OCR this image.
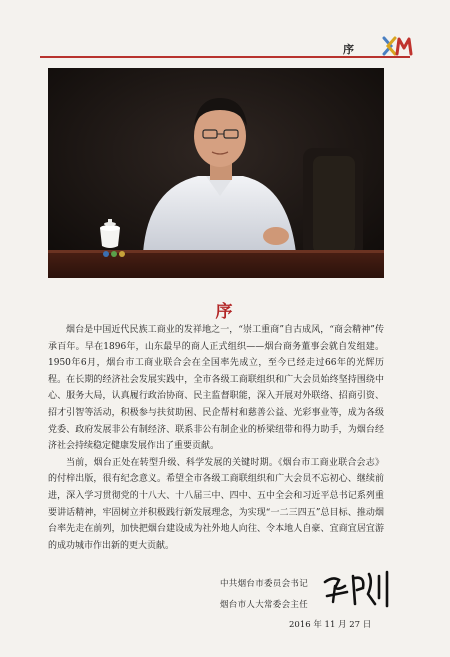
序
序

烟台是中国近代民族工商业的发祥地之一，“崇工重商”自古成风，“商会精神”传承百年。早在1896年，山东最早的商人正式组织——烟台商务董事会就自发组建。1950年6月，烟台市工商业联合会在全国率先成立，至今已经走过66年的光辉历程。在长期的经济社会发展实践中，全市各级工商联组织和广大会员始终坚持围绕中心、服务大局，认真履行政治协商、民主监督职能，深入开展对外联络、招商引资、招才引智等活动，积极参与扶贫助困、民企帮村和慈善公益、光彩事业等，成为各级党委、政府发展非公有制经济、联系非公有制企业的桥梁纽带和得力助手，为烟台经济社会持续稳定健康发展作出了重要贡献。

当前，烟台正处在转型升级、科学发展的关键时期。《烟台市工商业联合会志》的付梓出版，很有纪念意义。希望全市各级工商联组织和广大会员不忘初心、继续前进，深入学习贯彻党的十八大、十八届三中、四中、五中全会和习近平总书记系列重要讲话精神，牢固树立并积极践行新发展理念，为实现“一二三四五”总目标、推动烟台率先走在前列，加快把烟台建设成为社外地人向往、令本地人自豪、宜商宜居宜游的成功城市作出新的更大贡献。

中共烟台市委员会书记
烟台市人大常委会主任
2016 年 11 月 27 日
